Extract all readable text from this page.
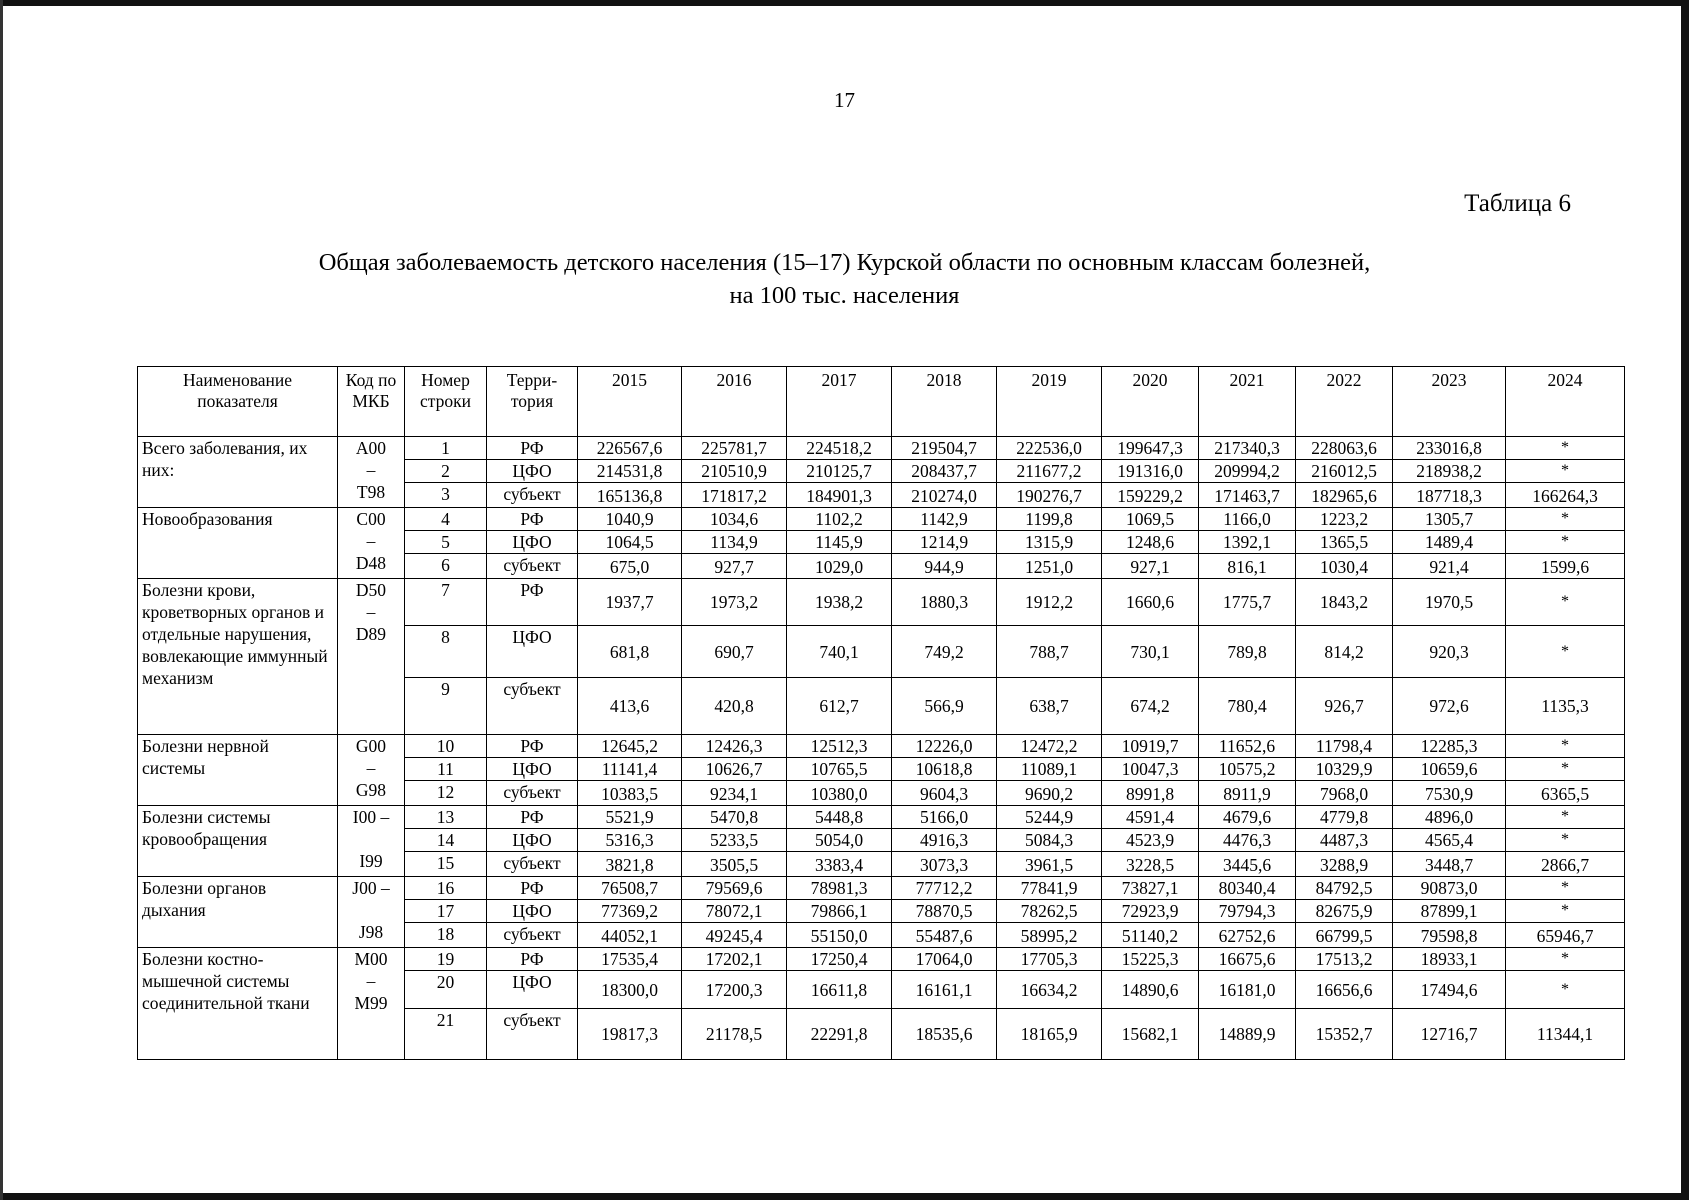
17
Таблица 6
Общая заболеваемость детского населения (15–17) Курской области по основным классам болезней,
на 100 тыс. населения
Наименование показателя	Код по МКБ	Номер строки	Терри-тория	2015	2016	2017	2018	2019	2020	2021	2022	2023	2024
Всего заболевания, их них:	А00
–
Т98	1	РФ	226567,6	225781,7	224518,2	219504,7	222536,0	199647,3	217340,3	228063,6	233016,8	*
		2	ЦФО	214531,8	210510,9	210125,7	208437,7	211677,2	191316,0	209994,2	216012,5	218938,2	*
		3	субъект	165136,8	171817,2	184901,3	210274,0	190276,7	159229,2	171463,7	182965,6	187718,3	166264,3
Новообразования	C00
–
D48	4	РФ	1040,9	1034,6	1102,2	1142,9	1199,8	1069,5	1166,0	1223,2	1305,7	*
		5	ЦФО	1064,5	1134,9	1145,9	1214,9	1315,9	1248,6	1392,1	1365,5	1489,4	*
		6	субъект	675,0	927,7	1029,0	944,9	1251,0	927,1	816,1	1030,4	921,4	1599,6
Болезни крови, кроветворных органов и отдельные нарушения, вовлекающие иммунный механизм	D50
–
D89	7	РФ	1937,7	1973,2	1938,2	1880,3	1912,2	1660,6	1775,7	1843,2	1970,5	*
		8	ЦФО	681,8	690,7	740,1	749,2	788,7	730,1	789,8	814,2	920,3	*
		9	субъект	413,6	420,8	612,7	566,9	638,7	674,2	780,4	926,7	972,6	1135,3
Болезни нервной системы	G00
–
G98	10	РФ	12645,2	12426,3	12512,3	12226,0	12472,2	10919,7	11652,6	11798,4	12285,3	*
		11	ЦФО	11141,4	10626,7	10765,5	10618,8	11089,1	10047,3	10575,2	10329,9	10659,6	*
		12	субъект	10383,5	9234,1	10380,0	9604,3	9690,2	8991,8	8911,9	7968,0	7530,9	6365,5
Болезни системы кровообращения	I00 –
I99	13	РФ	5521,9	5470,8	5448,8	5166,0	5244,9	4591,4	4679,6	4779,8	4896,0	*
		14	ЦФО	5316,3	5233,5	5054,0	4916,3	5084,3	4523,9	4476,3	4487,3	4565,4	*
		15	субъект	3821,8	3505,5	3383,4	3073,3	3961,5	3228,5	3445,6	3288,9	3448,7	2866,7
Болезни органов дыхания	J00 –
J98	16	РФ	76508,7	79569,6	78981,3	77712,2	77841,9	73827,1	80340,4	84792,5	90873,0	*
		17	ЦФО	77369,2	78072,1	79866,1	78870,5	78262,5	72923,9	79794,3	82675,9	87899,1	*
		18	субъект	44052,1	49245,4	55150,0	55487,6	58995,2	51140,2	62752,6	66799,5	79598,8	65946,7
Болезни костно-мышечной системы соединительной ткани	M00
–
M99	19	РФ	17535,4	17202,1	17250,4	17064,0	17705,3	15225,3	16675,6	17513,2	18933,1	*
		20	ЦФО	18300,0	17200,3	16611,8	16161,1	16634,2	14890,6	16181,0	16656,6	17494,6	*
		21	субъект	19817,3	21178,5	22291,8	18535,6	18165,9	15682,1	14889,9	15352,7	12716,7	11344,1
